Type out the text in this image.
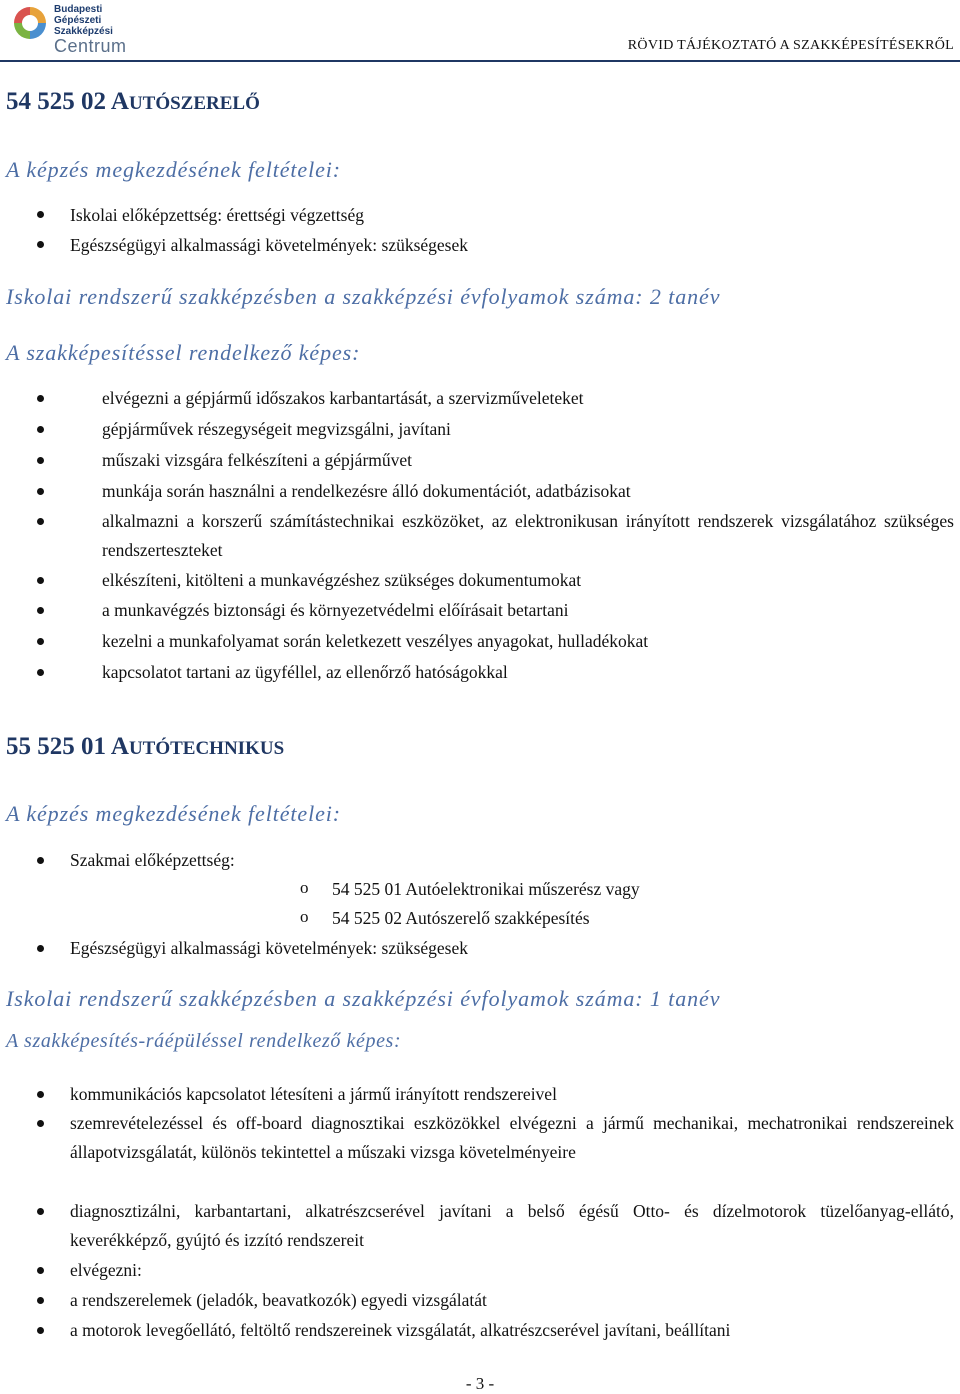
Budapesti
Gépészeti
Szakképzési
Centrum	RÖVID TÁJÉKOZTATÓ A SZAKKÉPESÍTÉSEKRŐL
54 525 02 AUTÓSZERELŐ
A képzés megkezdésének feltételei:
Iskolai előképzettség: érettségi végzettség
Egészségügyi alkalmassági követelmények: szükségesek
Iskolai rendszerű szakképzésben a szakképzési évfolyamok száma: 2 tanév
A szakképesítéssel rendelkező képes:
elvégezni a gépjármű időszakos karbantartását, a szervizműveleteket
gépjárművek részegységeit megvizsgálni, javítani
műszaki vizsgára felkészíteni a gépjárművet
munkája során használni a rendelkezésre álló dokumentációt, adatbázisokat
alkalmazni a korszerű számítástechnikai eszközöket, az elektronikusan irányított rendszerek vizsgálatához szükséges rendszerteszteket
elkészíteni, kitölteni a munkavégzéshez szükséges dokumentumokat
a munkavégzés biztonsági és környezetvédelmi előírásait betartani
kezelni a munkafolyamat során keletkezett veszélyes anyagokat, hulladékokat
kapcsolatot tartani az ügyféllel, az ellenőrző hatóságokkal
55 525 01 AUTÓTECHNIKUS
A képzés megkezdésének feltételei:
Szakmai előképzettség:
o 54 525 01 Autóelektronikai műszerész vagy
o 54 525 02 Autószerelő szakképesítés
Egészségügyi alkalmassági követelmények: szükségesek
Iskolai rendszerű szakképzésben a szakképzési évfolyamok száma: 1 tanév
A szakképesítés-ráépüléssel rendelkező képes:
kommunikációs kapcsolatot létesíteni a jármű irányított rendszereivel
szemrevételezéssel és off-board diagnosztikai eszközökkel elvégezni a jármű mechanikai, mechatronikai rendszereinek állapotvizsgálatát, különös tekintettel a műszaki vizsga követelményeire
diagnosztizálni, karbantartani, alkatrészcserével javítani a belső égésű Otto- és dízelmotorok tüzelőanyag-ellátó, keverékképző, gyújtó és izzító rendszereit
elvégezni:
a rendszerelemek (jeladók, beavatkozók) egyedi vizsgálatát
a motorok levegőellátó, feltöltő rendszereinek vizsgálatát, alkatrészcserével javítani, beállítani
- 3 -
